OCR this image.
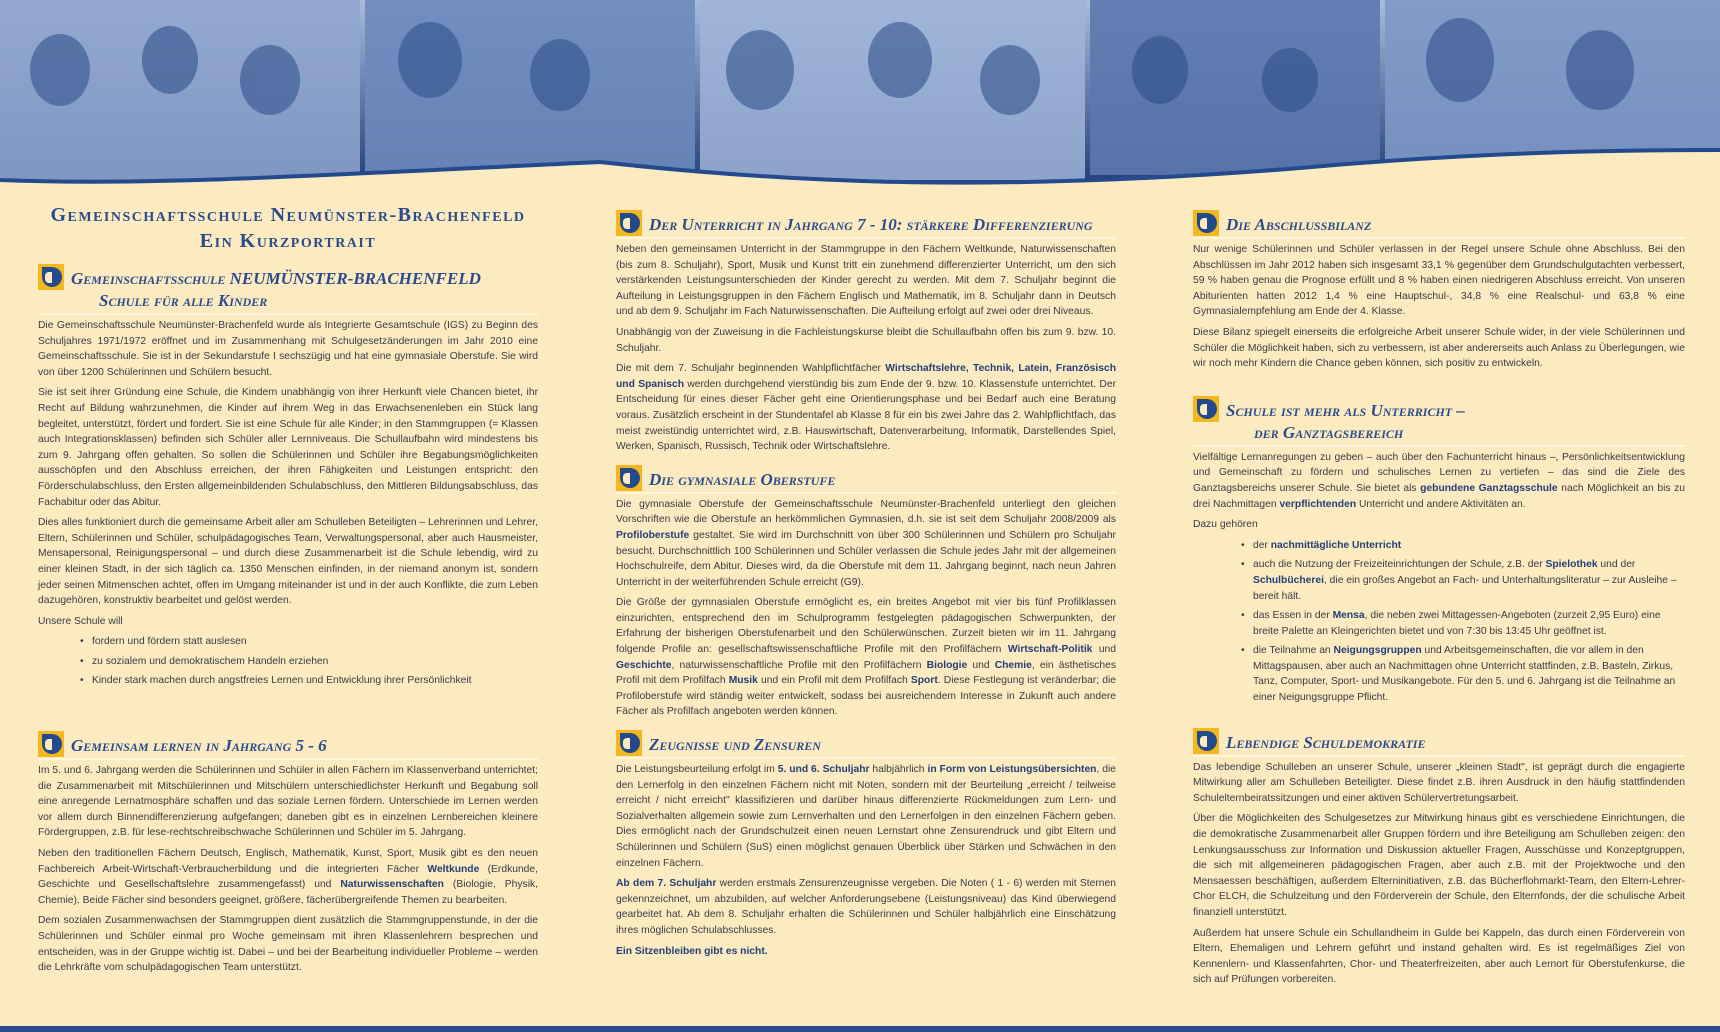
Gemeinschaftsschule Neumünster-Brachenfeld
Ein Kurzportrait
Gemeinschaftsschule NEUMÜNSTER-BRACHENFELD
Schule für alle Kinder

Die Gemeinschaftsschule Neumünster-Brachenfeld wurde als Integrierte Gesamtschule (IGS) zu Beginn des Schuljahres 1971/1972 eröffnet und im Zusammenhang mit Schulgesetzänderungen im Jahr 2010 eine Gemeinschaftsschule. Sie ist in der Sekundarstufe I sechszügig und hat eine gymnasiale Oberstufe. Sie wird von über 1200 Schülerinnen und Schülern besucht.

Sie ist seit ihrer Gründung eine Schule, die Kindern unabhängig von ihrer Herkunft viele Chancen bietet, ihr Recht auf Bildung wahrzunehmen, die Kinder auf ihrem Weg in das Erwachsenenleben ein Stück lang begleitet, unterstützt, fördert und fordert. Sie ist eine Schule für alle Kinder; in den Stammgruppen (= Klassen auch Integrationsklassen) befinden sich Schüler aller Lernniveaus. Die Schullaufbahn wird mindestens bis zum 9. Jahrgang offen gehalten. So sollen die Schülerinnen und Schüler ihre Begabungsmöglichkeiten ausschöpfen und den Abschluss erreichen, der ihren Fähigkeiten und Leistungen entspricht: den Förderschulabschluss, den Ersten allgemeinbildenden Schulabschluss, den Mittleren Bildungsabschluss, das Fachabitur oder das Abitur.

Dies alles funktioniert durch die gemeinsame Arbeit aller am Schulleben Beteiligten – Lehrerinnen und Lehrer, Eltern, Schülerinnen und Schüler, schulpädagogisches Team, Verwaltungspersonal, aber auch Hausmeister, Mensapersonal, Reinigungspersonal – und durch diese Zusammenarbeit ist die Schule lebendig, wird zu einer kleinen Stadt, in der sich täglich ca. 1350 Menschen einfinden, in der niemand anonym ist, sondern jeder seinen Mitmenschen achtet, offen im Umgang miteinander ist und in der auch Konflikte, die zum Leben dazugehören, konstruktiv bearbeitet und gelöst werden.

Unsere Schule will

• fordern und fördern statt auslesen
• zu sozialem und demokratischem Handeln erziehen
• Kinder stark machen durch angstfreies Lernen und Entwicklung ihrer Persönlichkeit
Gemeinsam lernen in Jahrgang 5 - 6

Im 5. und 6. Jahrgang werden die Schülerinnen und Schüler in allen Fächern im Klassenverband unterrichtet; die Zusammenarbeit mit Mitschülerinnen und Mitschülern unterschiedlichster Herkunft und Begabung soll eine anregende Lernatmosphäre schaffen und das soziale Lernen fördern. Unterschiede im Lernen werden vor allem durch Binnendifferenzierung aufgefangen; daneben gibt es in einzelnen Lernbereichen kleinere Fördergruppen, z.B. für lese-rechtschreibschwache Schülerinnen und Schüler im 5. Jahrgang.

Neben den traditionellen Fächern Deutsch, Englisch, Mathematik, Kunst, Sport, Musik gibt es den neuen Fachbereich Arbeit-Wirtschaft-Verbraucherbildung und die integrierten Fächer Weltkunde (Erdkunde, Geschichte und Gesellschaftslehre zusammengefasst) und Naturwissenschaften (Biologie, Physik, Chemie). Beide Fächer sind besonders geeignet, größere, fächerübergreifende Themen zu bearbeiten.

Dem sozialen Zusammenwachsen der Stammgruppen dient zusätzlich die Stammgruppenstunde, in der die Schülerinnen und Schüler einmal pro Woche gemeinsam mit ihren Klassenlehrern besprechen und entscheiden, was in der Gruppe wichtig ist. Dabei – und bei der Bearbeitung individueller Probleme – werden die Lehrkräfte vom schulpädagogischen Team unterstützt.

Der Unterricht in Jahrgang 7 - 10: stärkere Differenzierung

Neben den gemeinsamen Unterricht in der Stammgruppe in den Fächern Weltkunde, Naturwissenschaften (bis zum 8. Schuljahr), Sport, Musik und Kunst tritt ein zunehmend differenzierter Unterricht, um den sich verstärkenden Leistungsunterschieden der Kinder gerecht zu werden. Mit dem 7. Schuljahr beginnt die Aufteilung in Leistungsgruppen in den Fächern Englisch und Mathematik, im 8. Schuljahr dann in Deutsch und ab dem 9. Schuljahr im Fach Naturwissenschaften. Die Aufteilung erfolgt auf zwei oder drei Niveaus.

Unabhängig von der Zuweisung in die Fachleistungskurse bleibt die Schullaufbahn offen bis zum 9. bzw. 10. Schuljahr.

Die mit dem 7. Schuljahr beginnenden Wahlpflichtfächer Wirtschaftslehre, Technik, Latein, Französisch und Spanisch werden durchgehend vierstündig bis zum Ende der 9. bzw. 10. Klassenstufe unterrichtet. Der Entscheidung für eines dieser Fächer geht eine Orientierungsphase und bei Bedarf auch eine Beratung voraus. Zusätzlich erscheint in der Stundentafel ab Klasse 8 für ein bis zwei Jahre das 2. Wahlpflichtfach, das meist zweistündig unterrichtet wird, z.B. Hauswirtschaft, Datenverarbeitung, Informatik, Darstellendes Spiel, Werken, Spanisch, Russisch, Technik oder Wirtschaftslehre.

Die gymnasiale Oberstufe

Die gymnasiale Oberstufe der Gemeinschaftsschule Neumünster-Brachenfeld unterliegt den gleichen Vorschriften wie die Oberstufe an herkömmlichen Gymnasien, d.h. sie ist seit dem Schuljahr 2008/2009 als Profiloberstufe gestaltet. Sie wird im Durchschnitt von über 300 Schülerinnen und Schülern pro Schuljahr besucht. Durchschnittlich 100 Schülerinnen und Schüler verlassen die Schule jedes Jahr mit der allgemeinen Hochschulreife, dem Abitur. Dieses wird, da die Oberstufe mit dem 11. Jahrgang beginnt, nach neun Jahren Unterricht in der weiterführenden Schule erreicht (G9).

Die Größe der gymnasialen Oberstufe ermöglicht es, ein breites Angebot mit vier bis fünf Profilklassen einzurichten, entsprechend den im Schulprogramm festgelegten pädagogischen Schwerpunkten, der Erfahrung der bisherigen Oberstufenarbeit und den Schülerwünschen. Zurzeit bieten wir im 11. Jahrgang folgende Profile an: gesellschaftswissenschaftliche Profile mit den Profilfächern Wirtschaft-Politik und Geschichte, naturwissenschaftliche Profile mit den Profilfächern Biologie und Chemie, ein ästhetisches Profil mit dem Profilfach Musik und ein Profil mit dem Profilfach Sport. Diese Festlegung ist veränderbar; die Profiloberstufe wird ständig weiter entwickelt, sodass bei ausreichendem Interesse in Zukunft auch andere Fächer als Profilfach angeboten werden können.

Zeugnisse und Zensuren

Die Leistungsbeurteilung erfolgt im 5. und 6. Schuljahr halbjährlich in Form von Leistungsübersichten, die den Lernerfolg in den einzelnen Fächern nicht mit Noten, sondern mit der Beurteilung „erreicht / teilweise erreicht / nicht erreicht" klassifizieren und darüber hinaus differenzierte Rückmeldungen zum Lern- und Sozialverhalten allgemein sowie zum Lernverhalten und den Lernerfolgen in den einzelnen Fächern geben. Dies ermöglicht nach der Grundschulzeit einen neuen Lernstart ohne Zensurendruck und gibt Eltern und Schülerinnen und Schülern (SuS) einen möglichst genauen Überblick über Stärken und Schwächen in den einzelnen Fächern.

Ab dem 7. Schuljahr werden erstmals Zensurenzeugnisse vergeben. Die Noten ( 1 - 6) werden mit Sternen gekennzeichnet, um abzubilden, auf welcher Anforderungsebene (Leistungsniveau) das Kind überwiegend gearbeitet hat. Ab dem 8. Schuljahr erhalten die Schülerinnen und Schüler halbjährlich eine Einschätzung ihres möglichen Schulabschlusses.

Ein Sitzenbleiben gibt es nicht.

Die Abschlussbilanz

Nur wenige Schülerinnen und Schüler verlassen in der Regel unsere Schule ohne Abschluss. Bei den Abschlüssen im Jahr 2012 haben sich insgesamt 33,1 % gegenüber dem Grundschulgutachten verbessert, 59 % haben genau die Prognose erfüllt und 8 % haben einen niedrigeren Abschluss erreicht. Von unseren Abiturienten hatten 2012 1,4 % eine Hauptschul-, 34,8 % eine Realschul- und 63,8 % eine Gymnasialempfehlung am Ende der 4. Klasse.

Diese Bilanz spiegelt einerseits die erfolgreiche Arbeit unserer Schule wider, in der viele Schülerinnen und Schüler die Möglichkeit haben, sich zu verbessern, ist aber andererseits auch Anlass zu Überlegungen, wie wir noch mehr Kindern die Chance geben können, sich positiv zu entwickeln.

Schule ist mehr als Unterricht –
der Ganztagsbereich

Vielfältige Lernanregungen zu geben – auch über den Fachunterricht hinaus –, Persönlichkeitsentwicklung und Gemeinschaft zu fördern und schulisches Lernen zu vertiefen – das sind die Ziele des Ganztagsbereichs unserer Schule. Sie bietet als gebundene Ganztagsschule nach Möglichkeit an bis zu drei Nachmittagen verpflichtenden Unterricht und andere Aktivitäten an.

Dazu gehören

• der nachmittägliche Unterricht
• auch die Nutzung der Freizeiteinrichtungen der Schule, z.B. der Spielothek und der Schulbücherei, die ein großes Angebot an Fach- und Unterhaltungsliteratur – zur Ausleihe – bereit hält.
• das Essen in der Mensa, die neben zwei Mittagessen-Angeboten (zurzeit 2,95 Euro) eine breite Palette an Kleingerichten bietet und von 7:30 bis 13:45 Uhr geöffnet ist.
• die Teilnahme an Neigungsgruppen und Arbeitsgemeinschaften, die vor allem in den Mittagspausen, aber auch an Nachmittagen ohne Unterricht stattfinden, z.B. Basteln, Zirkus, Tanz, Computer, Sport- und Musikangebote. Für den 5. und 6. Jahrgang ist die Teilnahme an einer Neigungsgruppe Pflicht.
Lebendige Schuldemokratie

Das lebendige Schulleben an unserer Schule, unserer „kleinen Stadt", ist geprägt durch die engagierte Mitwirkung aller am Schulleben Beteiligter. Diese findet z.B. ihren Ausdruck in den häufig stattfindenden Schulelternbeiratssitzungen und einer aktiven Schülervertretungsarbeit.

Über die Möglichkeiten des Schulgesetzes zur Mitwirkung hinaus gibt es verschiedene Einrichtungen, die die demokratische Zusammenarbeit aller Gruppen fördern und ihre Beteiligung am Schulleben zeigen: den Lenkungsausschuss zur Information und Diskussion aktueller Fragen, Ausschüsse und Konzeptgruppen, die sich mit allgemeineren pädagogischen Fragen, aber auch z.B. mit der Projektwoche und den Mensaessen beschäftigen, außerdem Elterninitiativen, z.B. das Bücherflohmarkt-Team, den Eltern-Lehrer-Chor ELCH, die Schulzeitung und den Förderverein der Schule, den Elternfonds, der die schulische Arbeit finanziell unterstützt.

Außerdem hat unsere Schule ein Schullandheim in Gulde bei Kappeln, das durch einen Förderverein von Eltern, Ehemaligen und Lehrern geführt und instand gehalten wird. Es ist regelmäßiges Ziel von Kennenlern- und Klassenfahrten, Chor- und Theaterfreizeiten, aber auch Lernort für Oberstufenkurse, die sich auf Prüfungen vorbereiten.
